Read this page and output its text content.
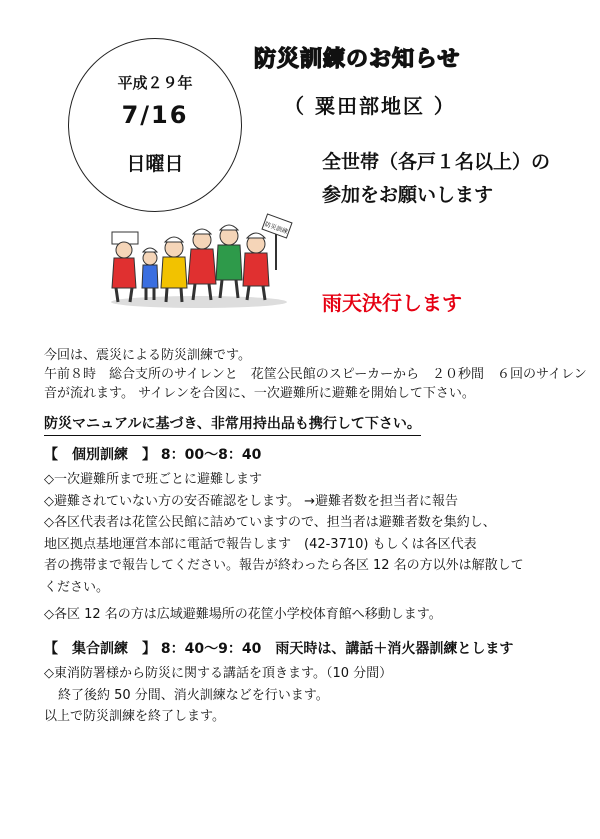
平成２９年
7/16
日曜日
防災訓練のお知らせ
（ 粟田部地区 ）
全世帯（各戸１名以上）の参加をお願いします
雨天決行します
防災訓練
今回は、震災による防災訓練です。
午前８時　総合支所のサイレンと　花筐公民館のスピーカーから　２０秒間　６回のサイレン
音が流れます。 サイレンを合図に、一次避難所に避難を開始して下さい。
防災マニュアルに基づき、非常用持出品も携行して下さい。
【　個別訓練　】 8：00～8：40
◇一次避難所まで班ごとに避難します
◇避難されていない方の安否確認をします。 →避難者数を担当者に報告
◇各区代表者は花筐公民館に詰めていますので、担当者は避難者数を集約し、
地区拠点基地運営本部に電話で報告します　(42-3710) もしくは各区代表
者の携帯まで報告してください。報告が終わったら各区 12 名の方以外は解散して
ください。
◇各区 12 名の方は広域避難場所の花筐小学校体育館へ移動します。
【　集合訓練　】 8：40～9：40　雨天時は、講話＋消火器訓練とします
◇東消防署様から防災に関する講話を頂きます。（10 分間）
終了後約 50 分間、消火訓練などを行います。
以上で防災訓練を終了します。
